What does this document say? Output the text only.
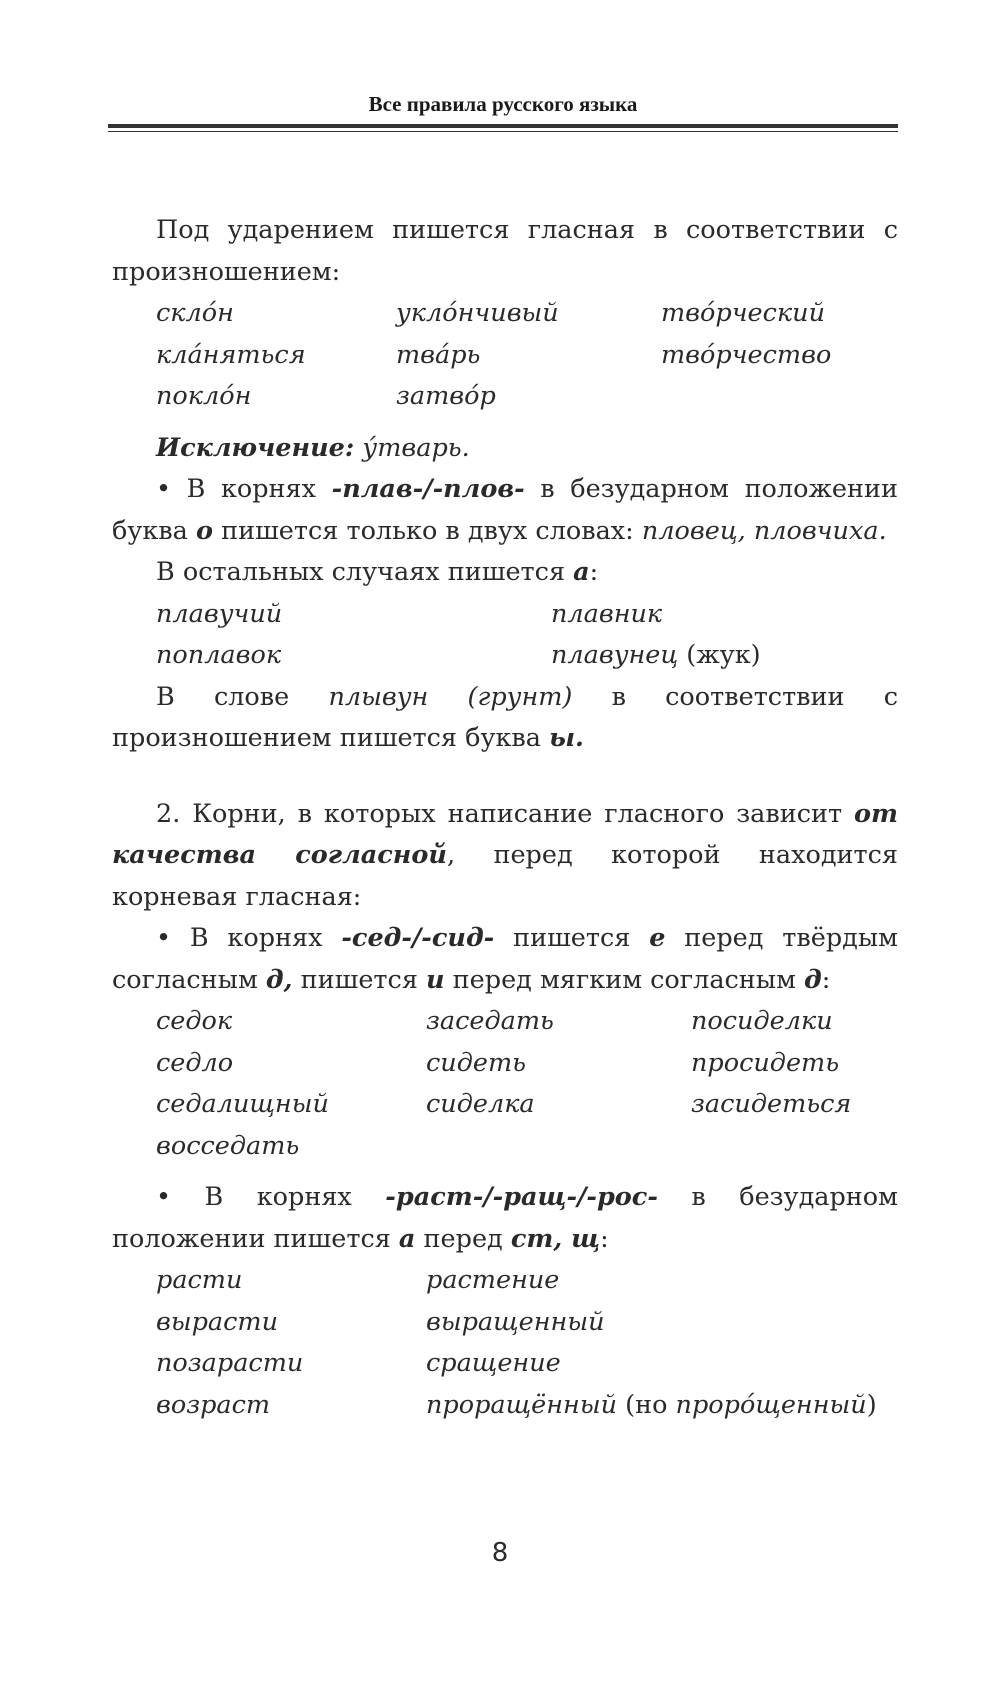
Все правила русского языка

Под ударением пишется гласная в соответствии с произношением:

скло́н	укло́нчивый	тво́рческий
кла́няться	тва́рь	тво́рчество
покло́н	затво́р

Исключение: у́тварь.

• В корнях -плав-/-плов- в безударном положении буква о пишется только в двух словах: пловец, пловчиха.

В остальных случаях пишется а:

плавучий	плавник
поплавок	плавунец (жук)

В слове плывун (грунт) в соответствии с произношением пишется буква ы.

2. Корни, в которых написание гласного зависит от качества согласной, перед которой находится корневая гласная:

• В корнях -сед-/-сид- пишется е перед твёрдым согласным д, пишется и перед мягким согласным д:

седок	заседать	посиделки
седло	сидеть	просидеть
седалищный	сиделка	засидеться
восседать

• В корнях -раст-/-ращ-/-рос- в безударном положении пишется а перед ст, щ:

расти	растение
вырасти	выращенный
позарасти	сращение
возраст	проращённый (но проро́щенный)
8
